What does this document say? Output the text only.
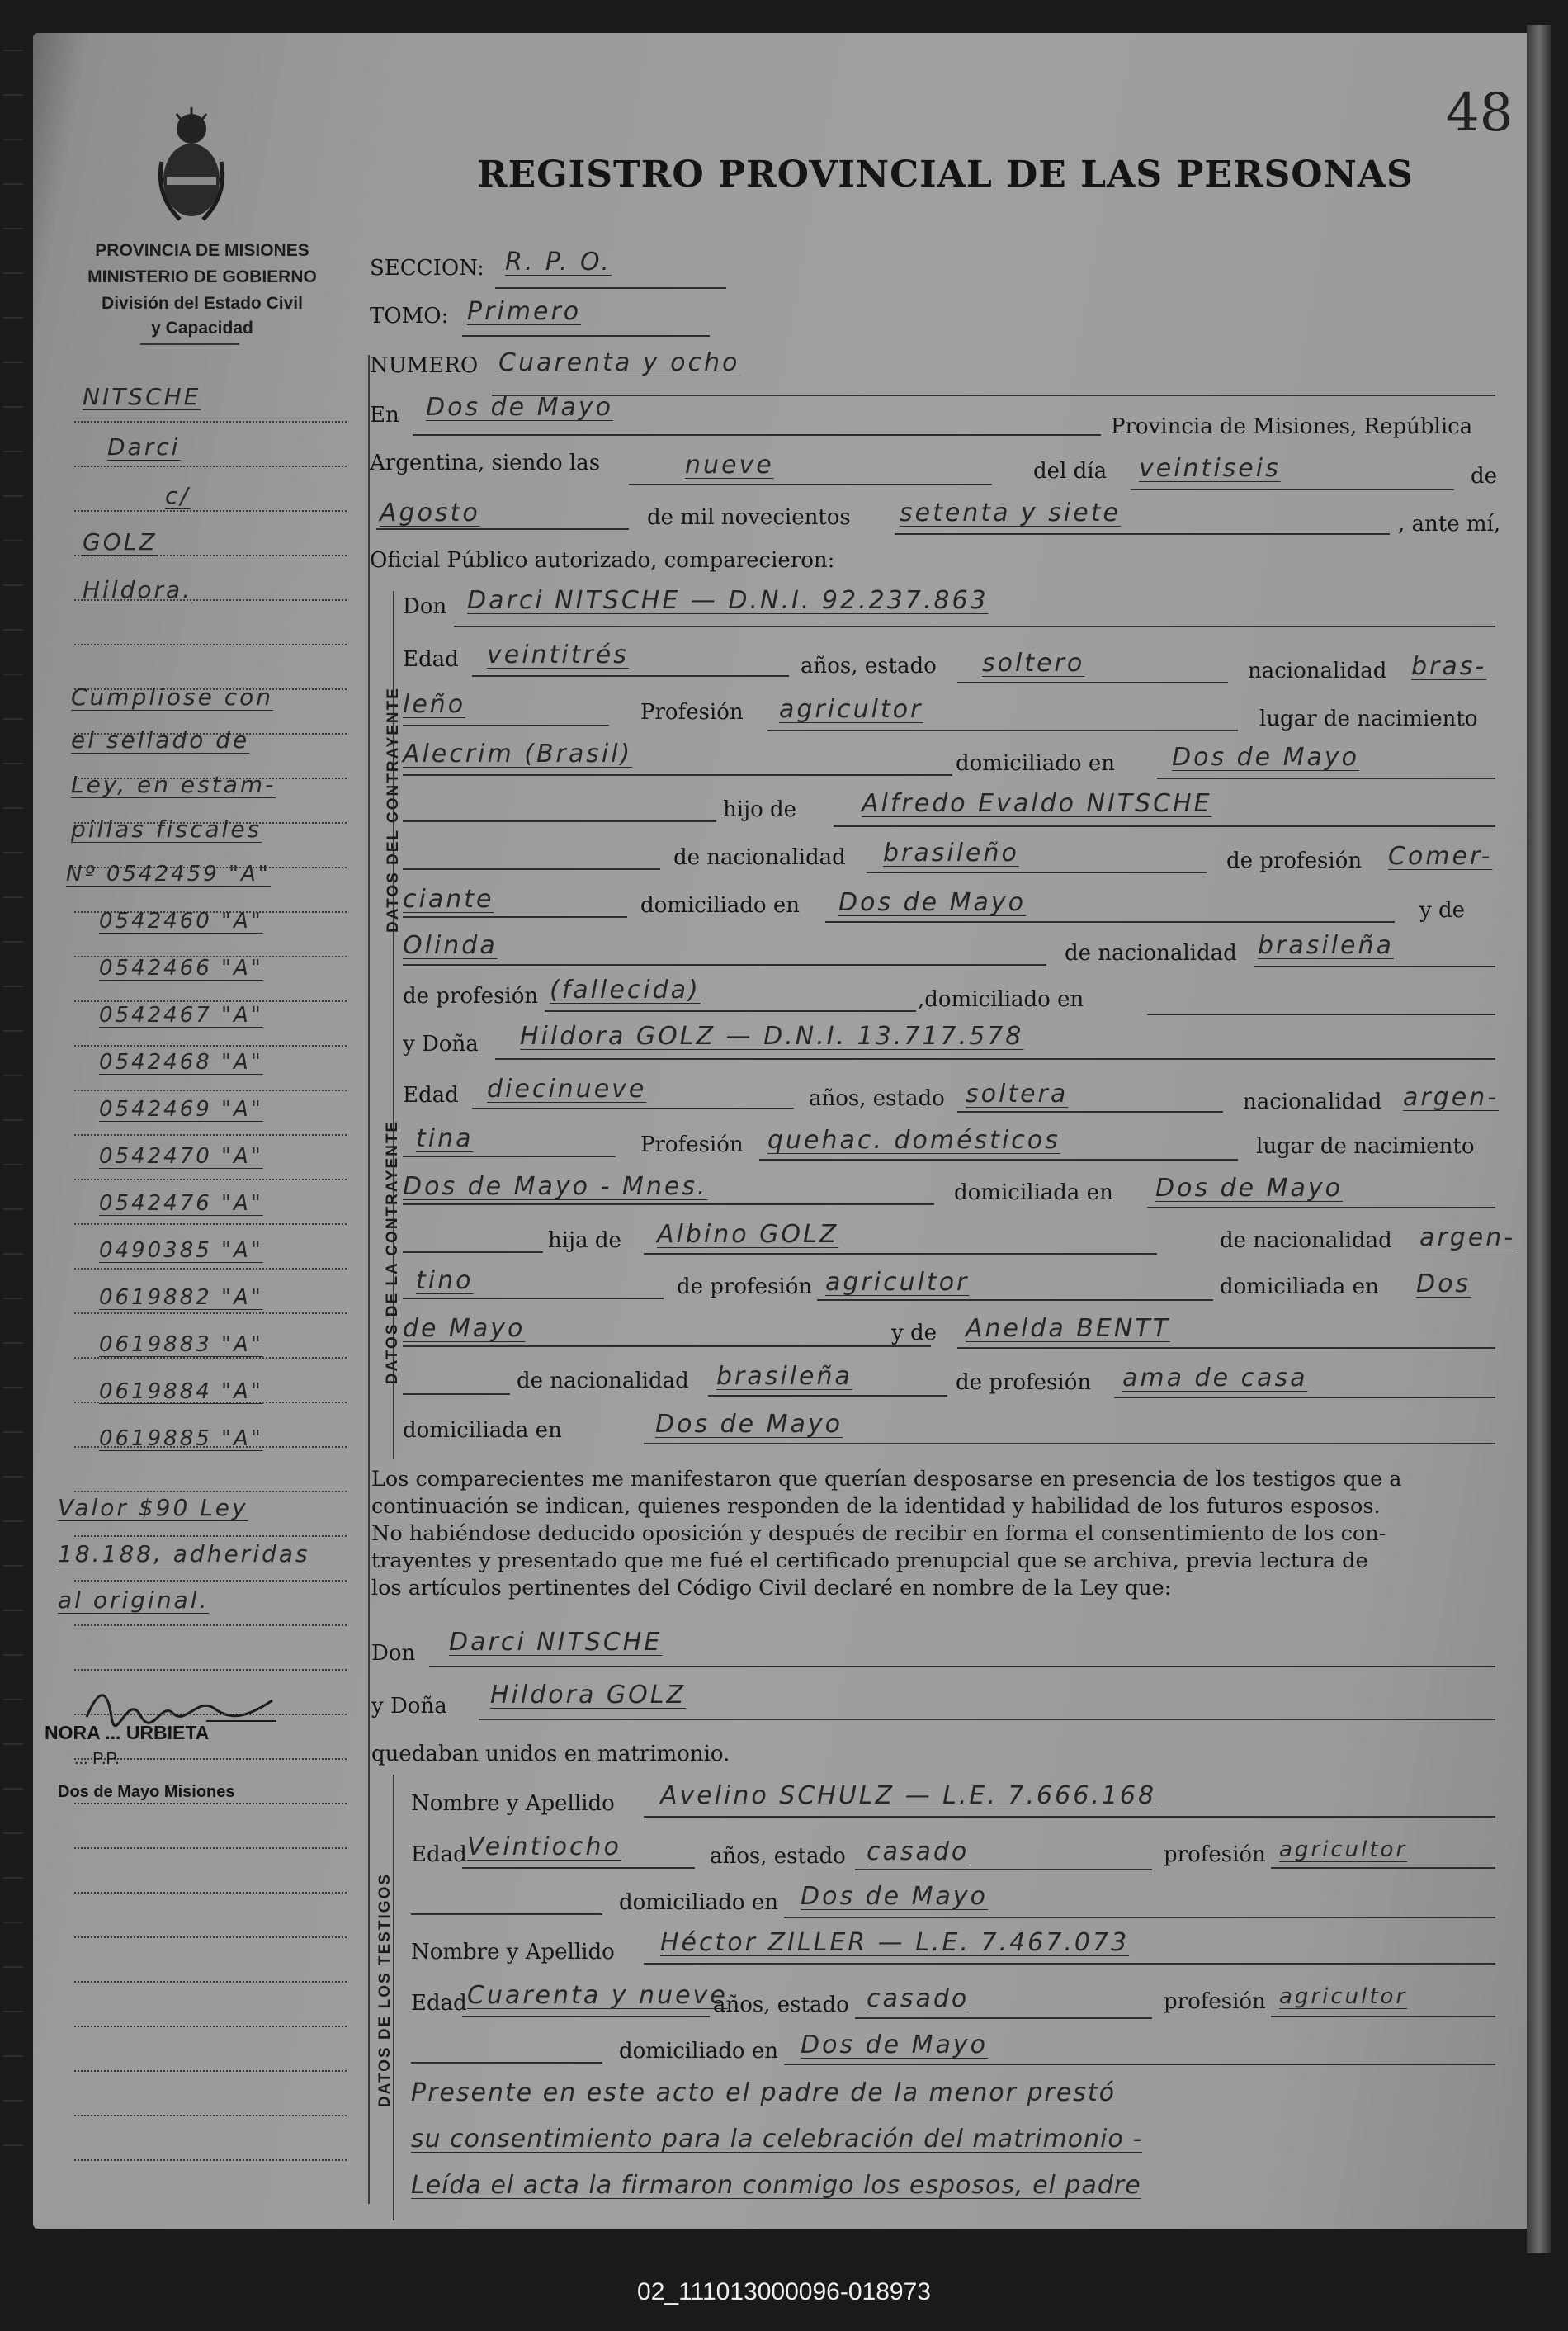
48
REGISTRO PROVINCIAL DE LAS PERSONAS
PROVINCIA DE MISIONES
MINISTERIO DE GOBIERNO
División del Estado Civil
y Capacidad
NITSCHE
Darci
c/
GOLZ
Hildora.
Cumpliose con
el sellado de
Ley, en estam-
pillas fiscales
Nº 0542459 "A"
0542460 "A"
0542466 "A"
0542467 "A"
0542468 "A"
0542469 "A"
0542470 "A"
0542476 "A"
0490385 "A"
0619882 "A"
0619883 "A"
0619884 "A"
0619885 "A"
Valor $90 Ley
18.188, adheridas
al original.
NORA ... URBIETA
... P.P.
Dos de Mayo Misiones
SECCION: R. P. O.
TOMO: Primero
NUMERO Cuarenta y ocho
En Dos de Mayo
Provincia de Misiones, República
Argentina, siendo las	nueve	del día veintiseis	de
Agosto	de mil novecientos setenta y siete	, ante mí,
Oficial Público autorizado, comparecieron:
DATOS DEL CONTRAYENTE
Don Darci NITSCHE — D.N.I. 92.237.863
Edad veintitrés	años, estado soltero	nacionalidad bras-
leño	Profesión agricultor	lugar de nacimiento
Alecrim (Brasil)	domiciliado en Dos de Mayo
hijo de	Alfredo Evaldo NITSCHE
de nacionalidad brasileño	de profesión Comer-
ciante	domiciliado en Dos de Mayo	y de
Olinda	de nacionalidad brasileña
de profesión (fallecida)	,domiciliado en
DATOS DE LA CONTRAYENTE
y Doña Hildora GOLZ — D.N.I. 13.717.578
Edad diecinueve	años, estado soltera	nacionalidad argen-
tina	Profesión quehac. domésticos	lugar de nacimiento
Dos de Mayo - Mnes.	domiciliada en Dos de Mayo
hija de Albino GOLZ	de nacionalidad argen-
tino	de profesión agricultor	domiciliada en Dos
de Mayo	y de Anelda BENTT
de nacionalidad brasileña	de profesión ama de casa
domiciliada en	Dos de Mayo
Los comparecientes me manifestaron que querían desposarse en presencia de los testigos que a
continuación se indican, quienes responden de la identidad y habilidad de los futuros esposos.
No habiéndose deducido oposición y después de recibir en forma el consentimiento de los con-
trayentes y presentado que me fué el certificado prenupcial que se archiva, previa lectura de
los artículos pertinentes del Código Civil declaré en nombre de la Ley que:
Don Darci NITSCHE
y Doña Hildora GOLZ
quedaban unidos en matrimonio.
DATOS DE LOS TESTIGOS
Nombre y Apellido Avelino SCHULZ — L.E. 7.666.168
Edad Veintiocho	años, estado casado	profesión agricultor
domiciliado en Dos de Mayo
Nombre y Apellido Héctor ZILLER — L.E. 7.467.073
Edad Cuarenta y nueve
años, estado casado	profesión agricultor
domiciliado en Dos de Mayo
Presente en este acto el padre de la menor prestó
su consentimiento para la celebración del matrimonio -
Leída el acta la firmaron conmigo los esposos, el padre
02_111013000096-018973
